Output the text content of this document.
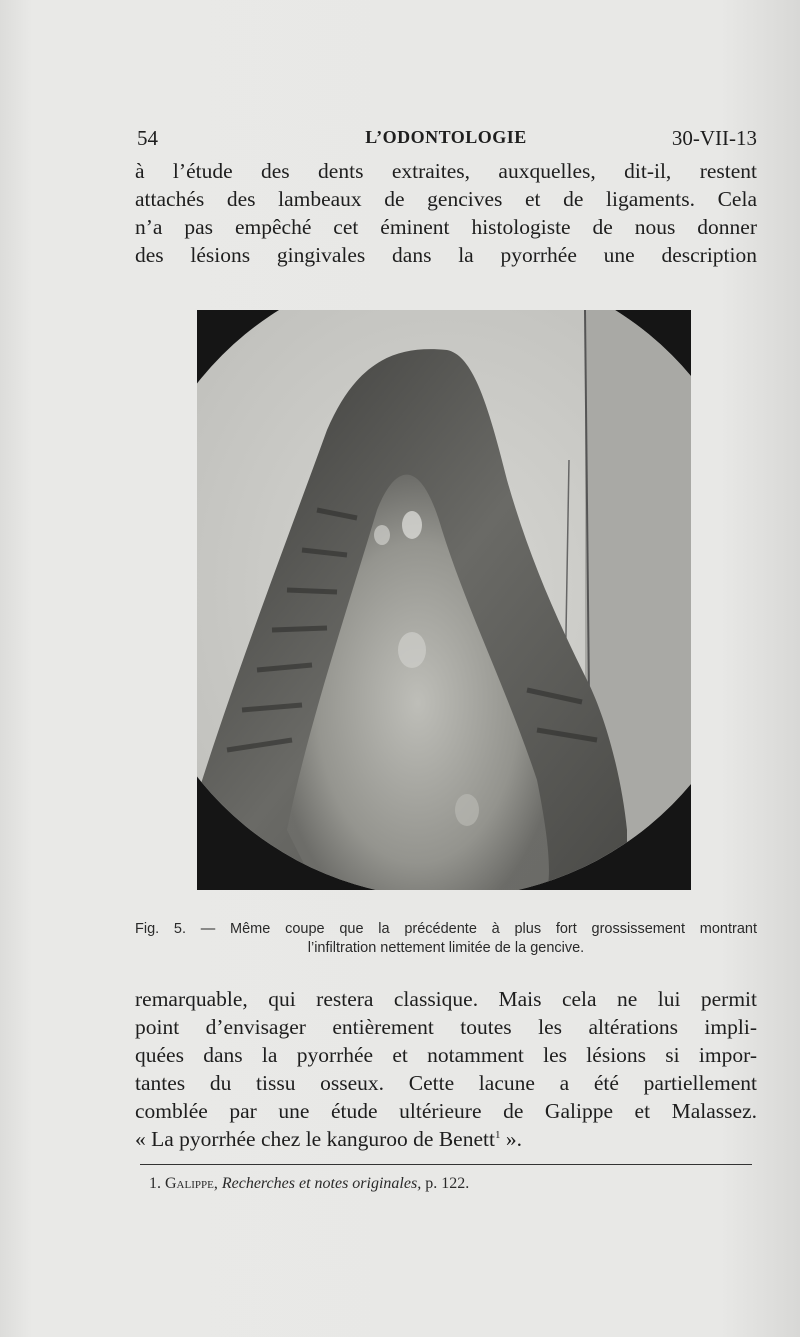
54	L’ODONTOLOGIE	30-VII-13
à l’étude des dents extraites, auxquelles, dit-il, restent
attachés des lambeaux de gencives et de ligaments. Cela
n’a pas empêché cet éminent histologiste de nous donner
des lésions gingivales dans la pyorrhée une description
Fig. 5. — Même coupe que la précédente à plus fort grossissement montrant
l’infiltration nettement limitée de la gencive.
remarquable, qui restera classique. Mais cela ne lui permit
point d’envisager entièrement toutes les altérations impli-
quées dans la pyorrhée et notamment les lésions si impor-
tantes du tissu osseux. Cette lacune a été partiellement
comblée par une étude ultérieure de Galippe et Malassez.
« La pyorrhée chez le kanguroo de Benett$^1$ ».
1. Galippe, Recherches et notes originales, p. 122.
